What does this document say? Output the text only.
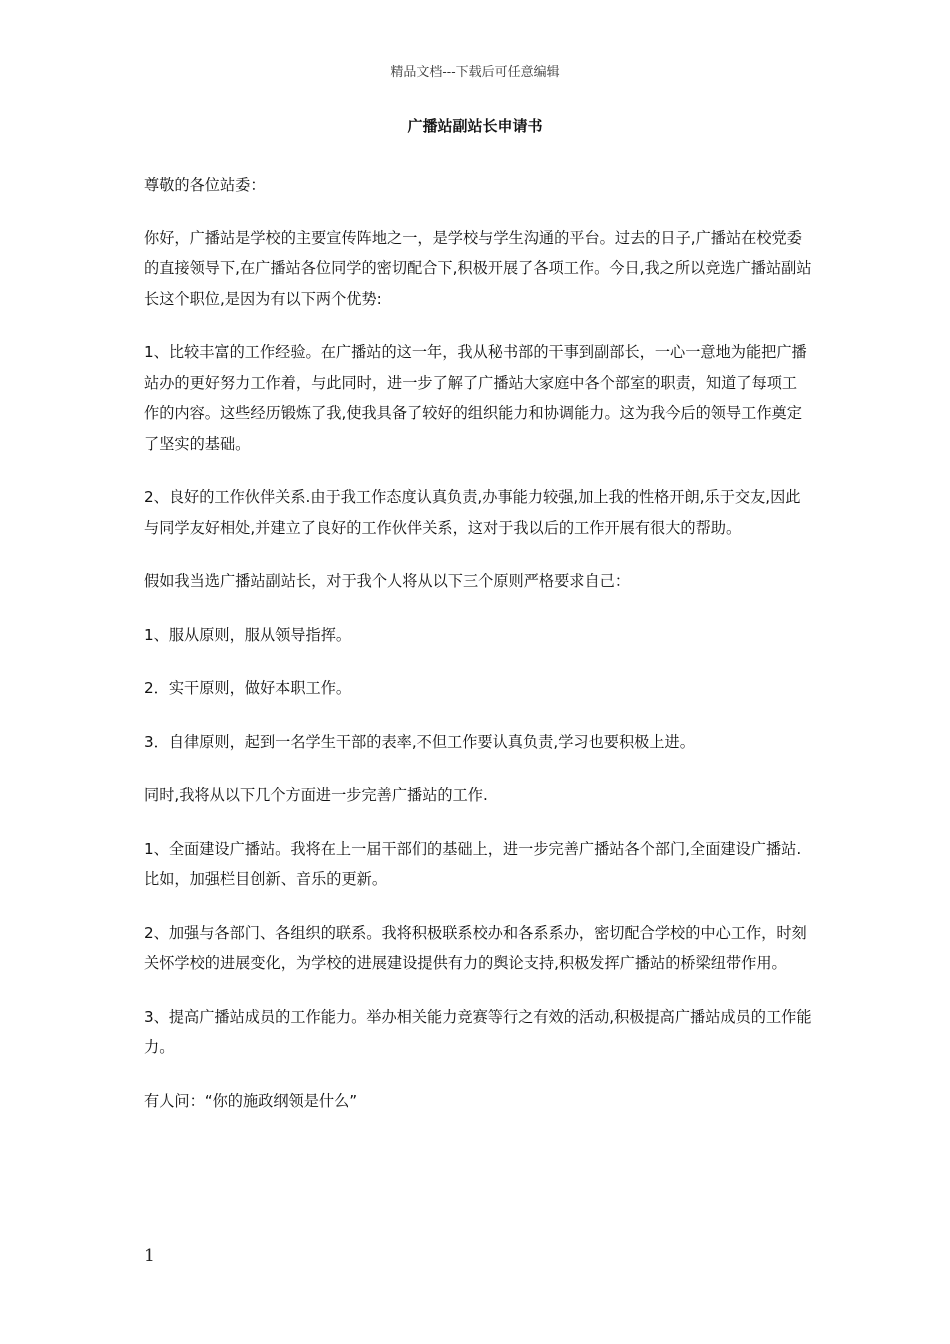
精品文档---下载后可任意编辑
广播站副站长申请书

尊敬的各位站委：

你好，广播站是学校的主要宣传阵地之一，是学校与学生沟通的平台。过去的日子,广播站在校党委的直接领导下,在广播站各位同学的密切配合下,积极开展了各项工作。今日,我之所以竞选广播站副站长这个职位,是因为有以下两个优势:

1、比较丰富的工作经验。在广播站的这一年，我从秘书部的干事到副部长，一心一意地为能把广播站办的更好努力工作着，与此同时，进一步了解了广播站大家庭中各个部室的职责，知道了每项工作的内容。这些经历锻炼了我,使我具备了较好的组织能力和协调能力。这为我今后的领导工作奠定了坚实的基础。

2、良好的工作伙伴关系.由于我工作态度认真负责,办事能力较强,加上我的性格开朗,乐于交友,因此与同学友好相处,并建立了良好的工作伙伴关系，这对于我以后的工作开展有很大的帮助。

假如我当选广播站副站长，对于我个人将从以下三个原则严格要求自己：

1、服从原则，服从领导指挥。

2．实干原则，做好本职工作。

3．自律原则，起到一名学生干部的表率,不但工作要认真负责,学习也要积极上进。

同时,我将从以下几个方面进一步完善广播站的工作.

1、全面建设广播站。我将在上一届干部们的基础上，进一步完善广播站各个部门,全面建设广播站.比如，加强栏目创新、音乐的更新。

2、加强与各部门、各组织的联系。我将积极联系校办和各系系办，密切配合学校的中心工作，时刻关怀学校的进展变化，为学校的进展建设提供有力的舆论支持,积极发挥广播站的桥梁纽带作用。

3、提高广播站成员的工作能力。举办相关能力竞赛等行之有效的活动,积极提高广播站成员的工作能力。

有人问：“你的施政纲领是什么”

1
